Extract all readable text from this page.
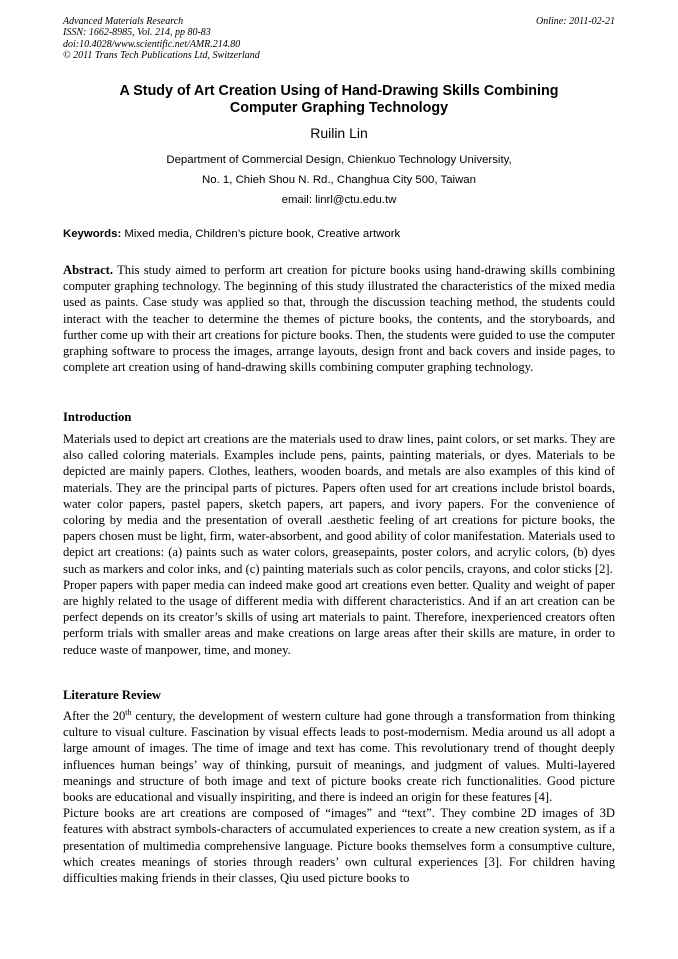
Advanced Materials Research
ISSN: 1662-8985, Vol. 214, pp 80-83
doi:10.4028/www.scientific.net/AMR.214.80
© 2011 Trans Tech Publications Ltd, Switzerland
Online: 2011-02-21
A Study of Art Creation Using of Hand-Drawing Skills Combining
Computer Graphing Technology
Ruilin Lin
Department of Commercial Design, Chienkuo Technology University,
No. 1, Chieh Shou N. Rd., Changhua City 500, Taiwan
email: linrl@ctu.edu.tw
Keywords: Mixed media, Children’s picture book, Creative artwork

Abstract. This study aimed to perform art creation for picture books using hand-drawing skills combining computer graphing technology. The beginning of this study illustrated the characteristics of the mixed media used as paints. Case study was applied so that, through the discussion teaching method, the students could interact with the teacher to determine the themes of picture books, the contents, and the storyboards, and further come up with their art creations for picture books. Then, the students were guided to use the computer graphing software to process the images, arrange layouts, design front and back covers and inside pages, to complete art creation using of hand-drawing skills combining computer graphing technology.

Introduction

Materials used to depict art creations are the materials used to draw lines, paint colors, or set marks. They are also called coloring materials. Examples include pens, paints, painting materials, or dyes. Materials to be depicted are mainly papers. Clothes, leathers, wooden boards, and metals are also examples of this kind of materials. They are the principal parts of pictures. Papers often used for art creations include bristol boards, water color papers, pastel papers, sketch papers, art papers, and ivory papers. For the convenience of coloring by media and the presentation of overall .aesthetic feeling of art creations for picture books, the papers chosen must be light, firm, water-absorbent, and good ability of color manifestation. Materials used to depict art creations: (a) paints such as water colors, greasepaints, poster colors, and acrylic colors, (b) dyes such as markers and color inks, and (c) painting materials such as color pencils, crayons, and color sticks [2].

Proper papers with paper media can indeed make good art creations even better. Quality and weight of paper are highly related to the usage of different media with different characteristics. And if an art creation can be perfect depends on its creator’s skills of using art materials to paint. Therefore, inexperienced creators often perform trials with smaller areas and make creations on large areas after their skills are mature, in order to reduce waste of manpower, time, and money.

Literature Review

After the 20th century, the development of western culture had gone through a transformation from thinking culture to visual culture. Fascination by visual effects leads to post-modernism. Media around us all adopt a large amount of images. The time of image and text has come. This revolutionary trend of thought deeply influences human beings’ way of thinking, pursuit of meanings, and judgment of values. Multi-layered meanings and structure of both image and text of picture books create rich functionalities. Good picture books are educational and visually inspiriting, and there is indeed an origin for these features [4].

Picture books are art creations are composed of “images” and “text”. They combine 2D images of 3D features with abstract symbols-characters of accumulated experiences to create a new creation system, as if a presentation of multimedia comprehensive language. Picture books themselves form a consumptive culture, which creates meanings of stories through readers’ own cultural experiences [3]. For children having difficulties making friends in their classes, Qiu used picture books to
